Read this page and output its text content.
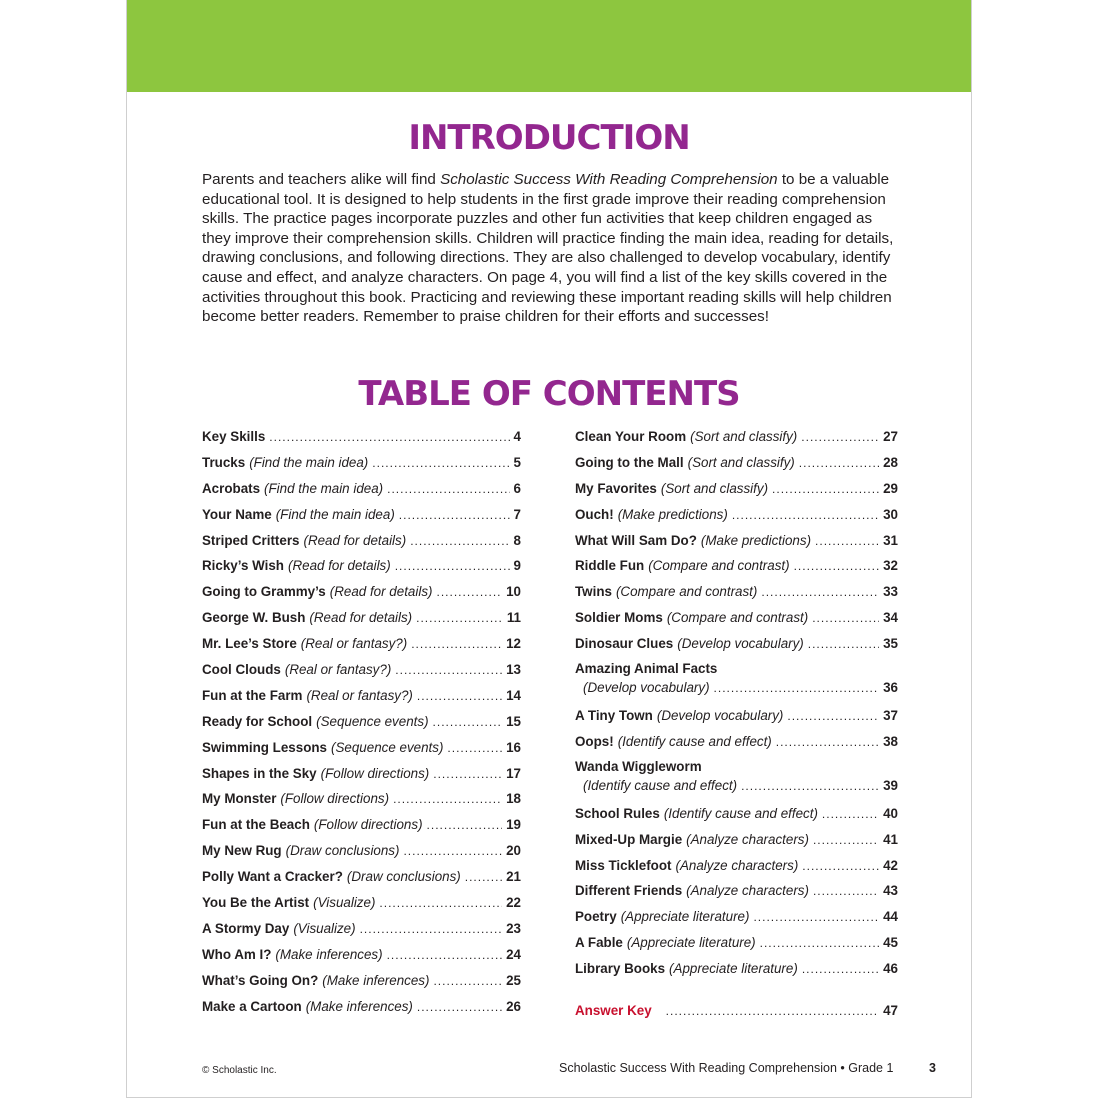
INTRODUCTION

Parents and teachers alike will find Scholastic Success With Reading Comprehension to be a valuable educational tool. It is designed to help students in the first grade improve their reading comprehension skills. The practice pages incorporate puzzles and other fun activities that keep children engaged as they improve their comprehension skills. Children will practice finding the main idea, reading for details, drawing conclusions, and following directions. They are also challenged to develop vocabulary, identify cause and effect, and analyze characters. On page 4, you will find a list of the key skills covered in the activities throughout this book. Practicing and reviewing these important reading skills will help children become better readers. Remember to praise children for their efforts and successes!

TABLE OF CONTENTS
Key Skills .....	4
Trucks (Find the main idea) .....	5
Acrobats (Find the main idea) .....	6
Your Name (Find the main idea) .....	7
Striped Critters (Read for details) .....	8
Ricky’s Wish (Read for details) .....	9
Going to Grammy’s (Read for details) .....	10
George W. Bush (Read for details) .....	11
Mr. Lee’s Store (Real or fantasy?) .....	12
Cool Clouds (Real or fantasy?) .....	13
Fun at the Farm (Real or fantasy?) .....	14
Ready for School (Sequence events) .....	15
Swimming Lessons (Sequence events) .....	16
Shapes in the Sky (Follow directions) .....	17
My Monster (Follow directions) .....	18
Fun at the Beach (Follow directions) .....	19
My New Rug (Draw conclusions) .....	20
Polly Want a Cracker? (Draw conclusions) .....	21
You Be the Artist (Visualize) .....	22
A Stormy Day (Visualize) .....	23
Who Am I? (Make inferences) .....	24
What’s Going On? (Make inferences) .....	25
Make a Cartoon (Make inferences) .....	26
Clean Your Room (Sort and classify) .....	27
Going to the Mall (Sort and classify) .....	28
My Favorites (Sort and classify) .....	29
Ouch! (Make predictions) .....	30
What Will Sam Do? (Make predictions) .....	31
Riddle Fun (Compare and contrast) .....	32
Twins (Compare and contrast) .....	33
Soldier Moms (Compare and contrast) .....	34
Dinosaur Clues (Develop vocabulary) .....	35
Amazing Animal Facts
(Develop vocabulary) .....	36
A Tiny Town (Develop vocabulary) .....	37
Oops! (Identify cause and effect) .....	38
Wanda Wiggleworm
(Identify cause and effect) .....	39
School Rules (Identify cause and effect) .....	40
Mixed-Up Margie (Analyze characters) .....	41
Miss Ticklefoot (Analyze characters) .....	42
Different Friends (Analyze characters) .....	43
Poetry (Appreciate literature) .....	44
A Fable (Appreciate literature) .....	45
Library Books (Appreciate literature) .....	46
Answer Key .....	47
© Scholastic Inc.	Scholastic Success With Reading Comprehension • Grade 1	3
